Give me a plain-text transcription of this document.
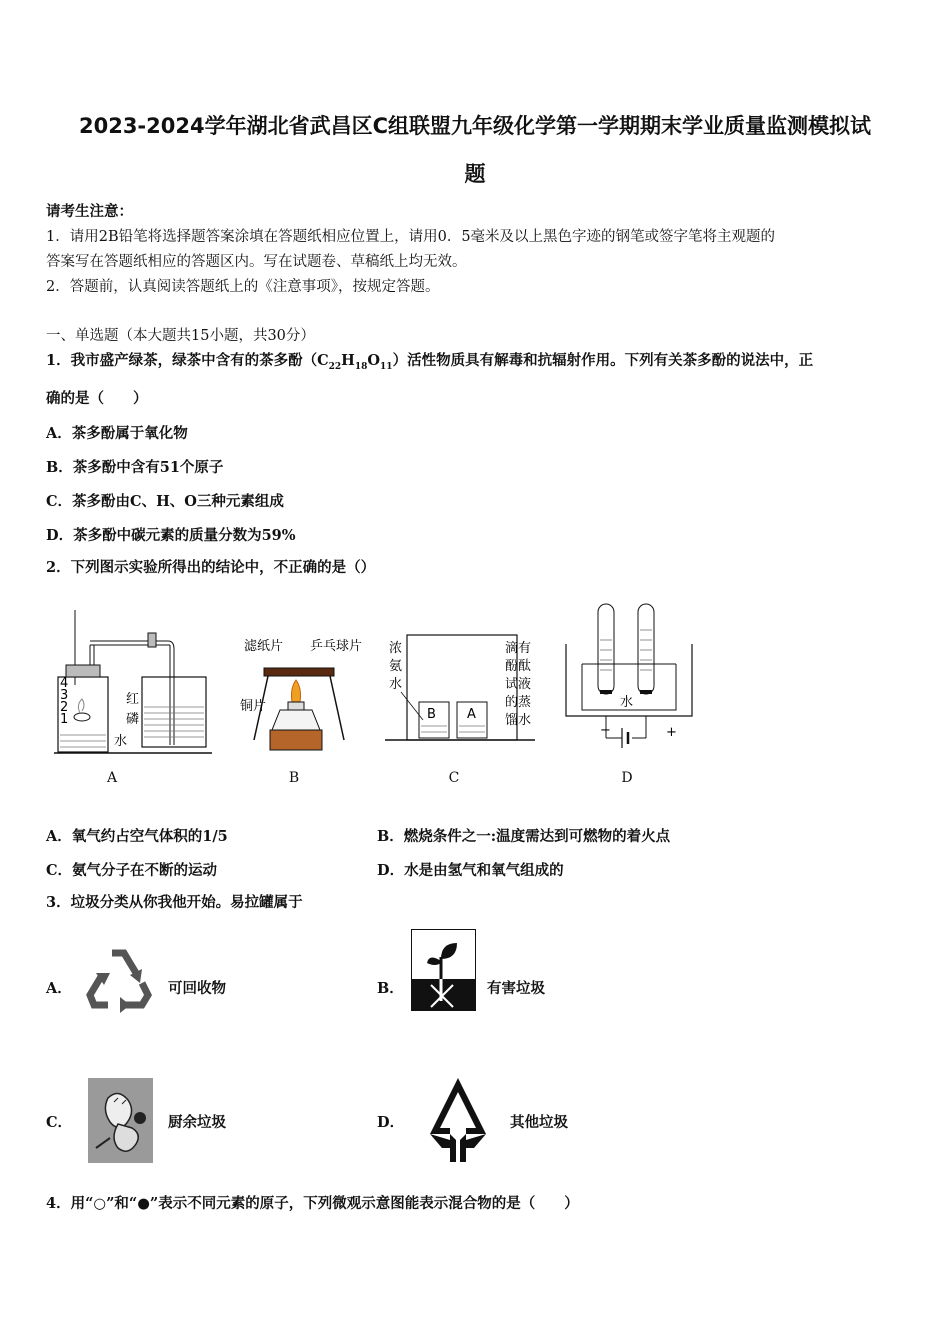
2023-2024学年湖北省武昌区C组联盟九年级化学第一学期期末学业质量监测模拟试
题
请考生注意：
1．请用2B铅笔将选择题答案涂填在答题纸相应位置上，请用0．5毫米及以上黑色字迹的钢笔或签字笔将主观题的
答案写在答题纸相应的答题区内。写在试题卷、草稿纸上均无效。
2．答题前，认真阅读答题纸上的《注意事项》，按规定答题。
一、单选题（本大题共15小题，共30分）
1．我市盛产绿茶，绿茶中含有的茶多酚$(C_{22}H_{18}O_{11})$活性物质具有解毒和抗辐射作用。下列有关茶多酚的说法中，正
确的是（　　）
A．茶多酚属于氧化物
B．茶多酚中含有51个原子
C．茶多酚由C、H、O三种元素组成
D．茶多酚中碳元素的质量分数为59%
2．下列图示实验所得出的结论中，不正确的是（）
4
3
2
1
红
磷
水
滤纸片 乒乓球片
铜片
B A
浓
氨
水
滴有
酚酞
试液
的蒸
馏水
水
−	+
A	B	C	D
A．氧气约占空气体积的1/5	B．燃烧条件之一:温度需达到可燃物的着火点
C．氨气分子在不断的运动	D．水是由氢气和氧气组成的
3．垃圾分类从你我他开始。易拉罐属于
A．	可回收物	B．	有害垃圾
C．	厨余垃圾	D．	其他垃圾
4．用“○”和“●”表示不同元素的原子，下列微观示意图能表示混合物的是（　　）
